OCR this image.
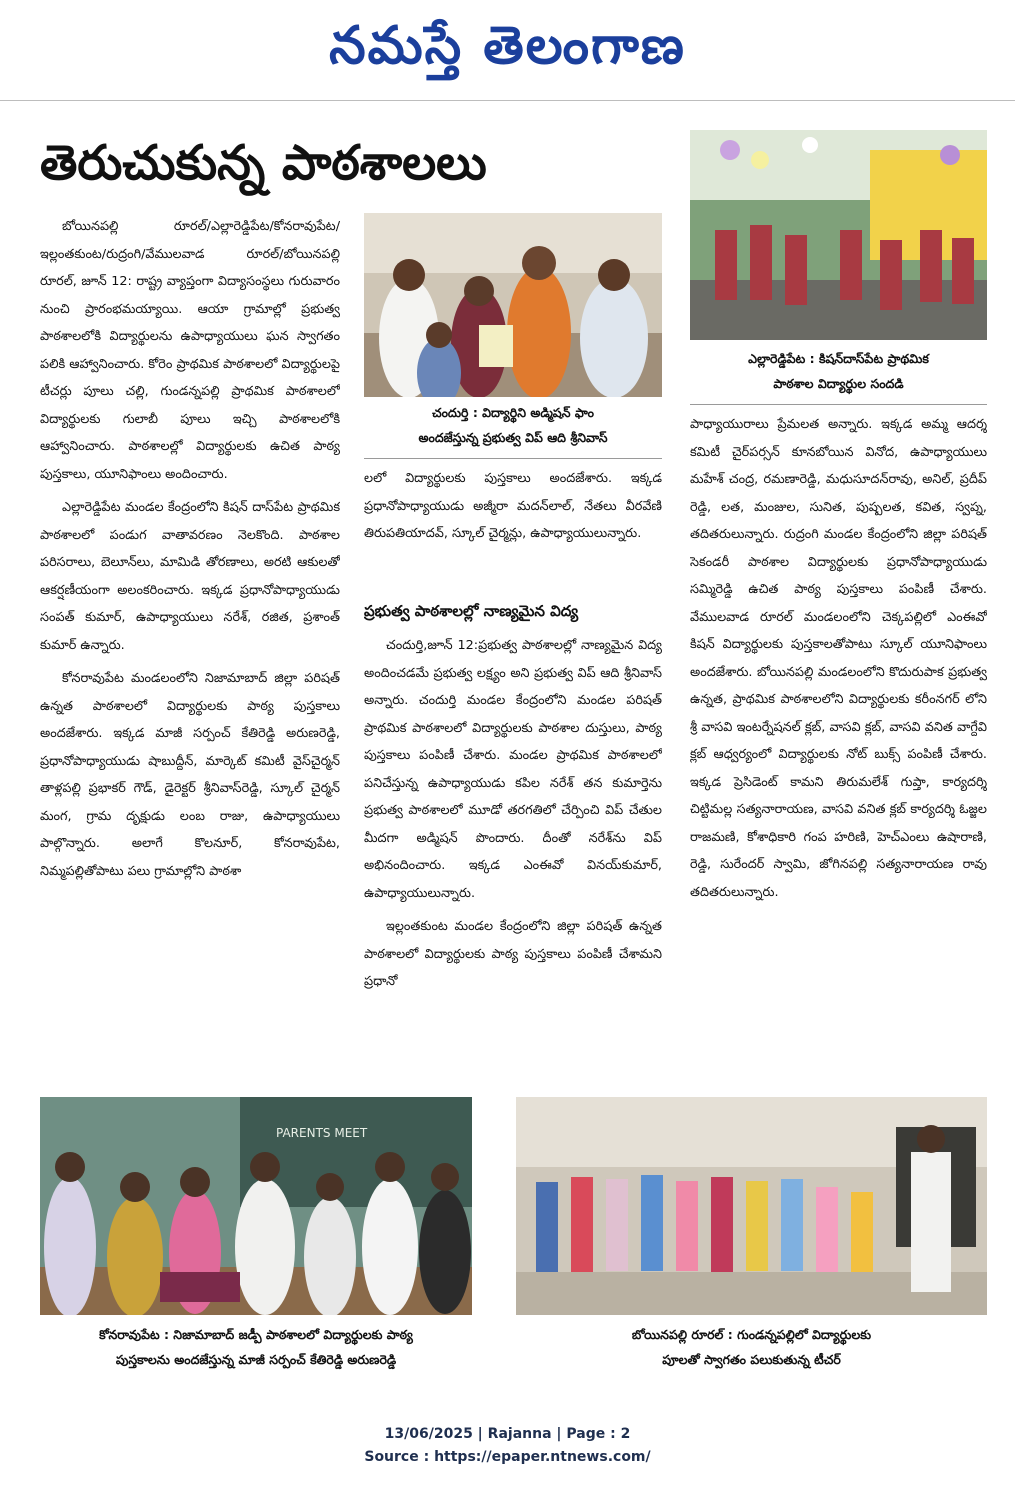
నమస్తే తెలంగాణ
తెరుచుకున్న పాఠశాలలు
చందుర్తి : విద్యార్థిని అడ్మిషన్ ఫాం
అందజేస్తున్న ప్రభుత్వ విప్ ఆది శ్రీనివాస్
ఎల్లారెడ్డిపేట : కిషన్‌దాస్‌పేట ప్రాథమిక
పాఠశాల విద్యార్థుల సందడి

బోయినపల్లి రూరల్/ఎల్లారెడ్డిపేట/కోనరావుపేట/ఇల్లంతకుంట/రుద్రంగి/వేములవాడ రూరల్/బోయినపల్లి రూరల్, జూన్ 12: రాష్ట్ర వ్యాప్తంగా విద్యాసంస్థలు గురువారం నుంచి ప్రారంభమయ్యాయి. ఆయా గ్రామాల్లో ప్రభుత్వ పాఠశాలలోకి విద్యార్థులను ఉపాధ్యాయులు ఘన స్వాగతం పలికి ఆహ్వానించారు. కోరెం ప్రాథమిక పాఠశాలలో విద్యార్థులపై టీచర్లు పూలు చల్లి, గుండన్నపల్లి ప్రాథమిక పాఠశాలలో విద్యార్థులకు గులాబీ పూలు ఇచ్చి పాఠశాలలోకి ఆహ్వానించారు. పాఠశాలల్లో విద్యార్థులకు ఉచిత పాఠ్య పుస్తకాలు, యూనిఫాంలు అందించారు.

ఎల్లారెడ్డిపేట మండల కేంద్రంలోని కిషన్ దాస్‌పేట ప్రాథమిక పాఠశాలలో పండుగ వాతావరణం నెలకొంది. పాఠశాల పరిసరాలు, బెలూన్‌లు, మామిడి తోరణాలు, అరటి ఆకులతో ఆకర్షణీయంగా అలంకరించారు. ఇక్కడ ప్రధానోపాధ్యాయుడు సంపత్ కుమార్, ఉపాధ్యాయులు నరేశ్, రజిత, ప్రశాంత్ కుమార్ ఉన్నారు.

కోనరావుపేట మండలంలోని నిజామాబాద్ జిల్లా పరిషత్ ఉన్నత పాఠశాలలో విద్యార్థులకు పాఠ్య పుస్తకాలు అందజేశారు. ఇక్కడ మాజీ సర్పంచ్ కేతిరెడ్డి అరుణరెడ్డి, ప్రధానోపాధ్యాయుడు షాబుద్దీన్, మార్కెట్ కమిటీ వైస్‌చైర్మన్ తాళ్లపల్లి ప్రభాకర్ గౌడ్, డైరెక్టర్ శ్రీనివాస్‌రెడ్డి, స్కూల్ చైర్మన్ మంగ, గ్రామ దృక్షుడు లంబ రాజు, ఉపాధ్యాయులు పాల్గొన్నారు. అలాగే కొలనూర్, కోనరావుపేట, నిమ్మపల్లితోపాటు పలు గ్రామాల్లోని పాఠశా

లలో విద్యార్థులకు పుస్తకాలు అందజేశారు. ఇక్కడ ప్రధానోపాధ్యాయుడు అజ్మీరా మదన్‌లాల్, నేతలు వీరవేణి తిరుపతియాదవ్, స్కూల్ చైర్మన్లు, ఉపాధ్యాయులున్నారు.

ప్రభుత్వ పాఠశాలల్లో నాణ్యమైన విద్య

చందుర్తి,జూన్ 12:ప్రభుత్వ పాఠశాలల్లో నాణ్యమైన విద్య అందించడమే ప్రభుత్వ లక్ష్యం అని ప్రభుత్వ విప్ ఆది శ్రీనివాస్ అన్నారు. చందుర్తి మండల కేంద్రంలోని మండల పరిషత్ ప్రాథమిక పాఠశాలలో విద్యార్థులకు పాఠశాల దుస్తులు, పాఠ్య పుస్తకాలు పంపిణీ చేశారు. మండల ప్రాథమిక పాఠశాలలో పనిచేస్తున్న ఉపాధ్యాయుడు కపిల నరేశ్ తన కుమార్తెను ప్రభుత్వ పాఠశాలలో మూడో తరగతిలో చేర్పించి విప్ చేతుల మీదగా అడ్మిషన్ పొందారు. దీంతో నరేశ్‌ను విప్ అభినందించారు. ఇక్కడ ఎంఈవో వినయ్‌కుమార్, ఉపాధ్యాయులున్నారు.

ఇల్లంతకుంట మండల కేంద్రంలోని జిల్లా పరిషత్ ఉన్నత పాఠశాలలో విద్యార్థులకు పాఠ్య పుస్తకాలు పంపిణీ చేశామని ప్రధానో

పాధ్యాయురాలు ప్రేమలత అన్నారు. ఇక్కడ అమ్మ ఆదర్శ కమిటీ చైర్‌పర్సన్ కూనబోయిన వినోద, ఉపాధ్యాయులు మహేశ్ చంద్ర, రమణారెడ్డి, మధుసూదన్‌రావు, అనిల్, ప్రదీప్ రెడ్డి, లత, మంజుల, సునిత, పుష్పలత, కవిత, స్వప్న, తదితరులున్నారు. రుద్రంగి మండల కేంద్రంలోని జిల్లా పరిషత్ సెకండరీ పాఠశాల విద్యార్థులకు ప్రధానోపాధ్యాయుడు సమ్మిరెడ్డి ఉచిత పాఠ్య పుస్తకాలు పంపిణీ చేశారు. వేములవాడ రూరల్ మండలంలోని చెక్కపల్లిలో ఎంఈవో కిషన్ విద్యార్థులకు పుస్తకాలతోపాటు స్కూల్ యూనిఫాంలు అందజేశారు. బోయినపల్లి మండలంలోని కొదురుపాక ప్రభుత్వ ఉన్నత, ప్రాథమిక పాఠశాలలోని విద్యార్థులకు కరీంనగర్ లోని శ్రీ వాసవి ఇంటర్నేషనల్ క్లబ్, వాసవి క్లబ్, వాసవి వనిత వాగ్దేవి క్లబ్ ఆధ్వర్యంలో విద్యార్థులకు నోట్ బుక్స్ పంపిణీ చేశారు. ఇక్కడ ప్రెసిడెంట్ కామని తిరుమలేశ్ గుప్తా, కార్యదర్శి చిట్టిమల్ల సత్యనారాయణ, వాసవి వనిత క్లబ్ కార్యదర్శి ఓజ్జల రాజమణి, కోశాధికారి గంప హరిణి, హెచ్‌ఎంలు ఉషారాణి, రెడ్డి, సురేందర్ స్వామి, జోగినపల్లి సత్యనారాయణ రావు తదితరులున్నారు.

PARENTS MEET
కోనరావుపేట : నిజామాబాద్ జడ్పీ పాఠశాలలో విద్యార్థులకు పాఠ్య
పుస్తకాలను అందజేస్తున్న మాజీ సర్పంచ్ కేతిరెడ్డి అరుణరెడ్డి
బోయినపల్లి రూరల్ : గుండన్నపల్లిలో విద్యార్థులకు
పూలతో స్వాగతం పలుకుతున్న టీచర్
13/06/2025 | Rajanna | Page : 2
Source : https://epaper.ntnews.com/
